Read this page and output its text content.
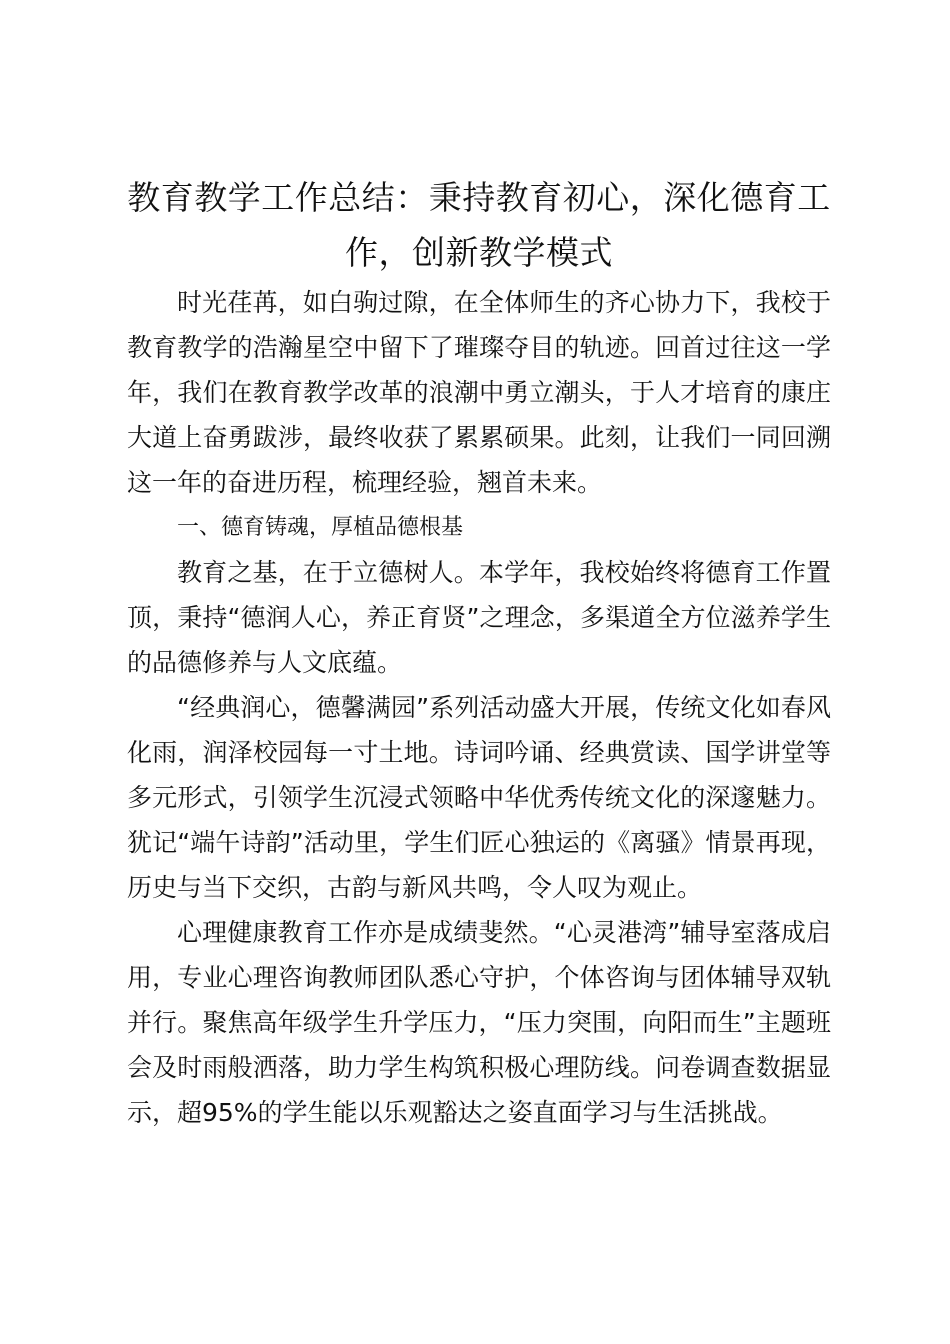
教育教学工作总结：秉持教育初心，深化德育工作，创新教学模式

时光荏苒，如白驹过隙，在全体师生的齐心协力下，我校于教育教学的浩瀚星空中留下了璀璨夺目的轨迹。回首过往这一学年，我们在教育教学改革的浪潮中勇立潮头，于人才培育的康庄大道上奋勇跋涉，最终收获了累累硕果。此刻，让我们一同回溯这一年的奋进历程，梳理经验，翘首未来。

一、德育铸魂，厚植品德根基

教育之基，在于立德树人。本学年，我校始终将德育工作置顶，秉持“德润人心，养正育贤”之理念，多渠道全方位滋养学生的品德修养与人文底蕴。

“经典润心，德馨满园”系列活动盛大开展，传统文化如春风化雨，润泽校园每一寸土地。诗词吟诵、经典赏读、国学讲堂等多元形式，引领学生沉浸式领略中华优秀传统文化的深邃魅力。犹记“端午诗韵”活动里，学生们匠心独运的《离骚》情景再现，历史与当下交织，古韵与新风共鸣，令人叹为观止。

心理健康教育工作亦是成绩斐然。“心灵港湾”辅导室落成启用，专业心理咨询教师团队悉心守护，个体咨询与团体辅导双轨并行。聚焦高年级学生升学压力，“压力突围，向阳而生”主题班会及时雨般洒落，助力学生构筑积极心理防线。问卷调查数据显示，超95%的学生能以乐观豁达之姿直面学习与生活挑战。
